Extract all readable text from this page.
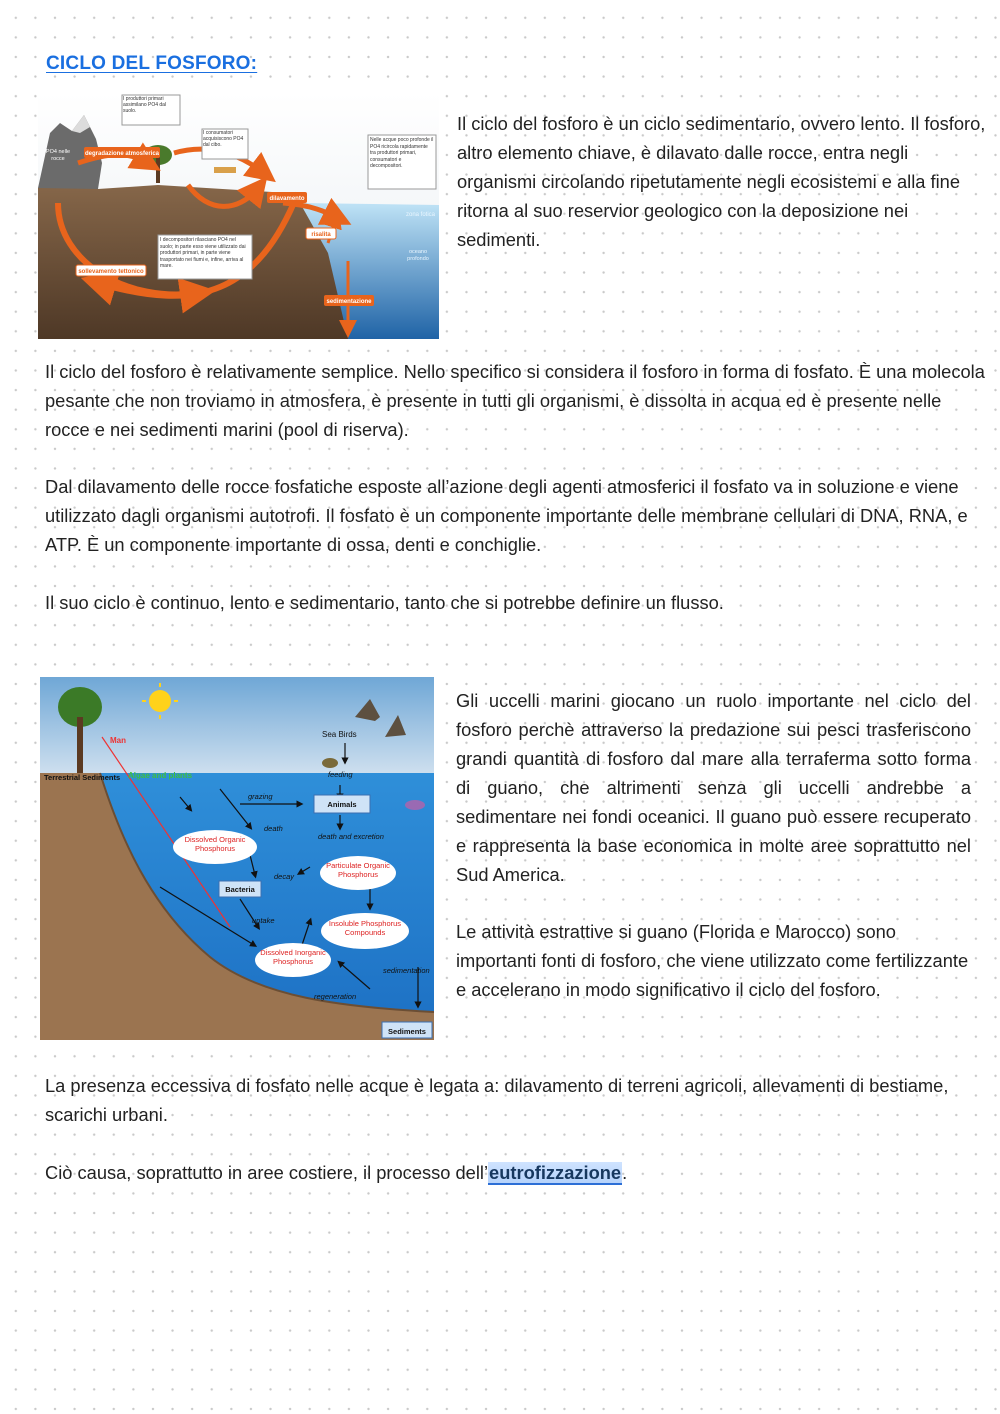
CICLO DEL FOSFORO:
I produttori primari assimilano PO4 dal suolo.
I consumatori acquisiscono PO4 dal cibo.
Nelle acque poco profonde il PO4 ricircola rapidamente tra produttori primari, consumatori e decompositori.
PO4 nelle rocce
degradazione atmosferica
dilavamento
zona fotica
risalita
I decompositori rilasciano PO4 nel suolo; in parte esso viene utilizzato dai produttori primari, in parte viene trasportato nei fiumi e, infine, arriva al mare.
oceano profondo
sollevamento tettonico
sedimentazione

Il ciclo del fosforo è un ciclo sedimentario, ovvero lento. Il fosforo, altro elemento chiave, è dilavato dalle rocce, entra negli organismi circolando ripetutamente negli ecosistemi e alla fine ritorna al suo reservior geologico con la deposizione nei sedimenti.

Il ciclo del fosforo è relativamente semplice. Nello specifico si considera il fosforo in forma di fosfato. È una molecola pesante che non troviamo in atmosfera, è presente in tutti gli organismi, è dissolta in acqua ed è presente nelle rocce e nei sedimenti marini (pool di riserva).

Dal dilavamento delle rocce fosfatiche esposte all’azione degli agenti atmosferici il fosfato va in soluzione e viene utilizzato dagli organismi autotrofi. Il fosfato è un componente importante delle membrane cellulari di DNA, RNA, e ATP. È un componente importante di ossa, denti e conchiglie.

Il suo ciclo è continuo, lento e sedimentario, tanto che si potrebbe definire un flusso.

Man
Sea Birds
Terrestrial Sediments Algae and plants	feeding
grazing
Animals
death
death and excretion
Dissolved Organic Phosphorus
Particulate Organic Phosphorus
Bacteria
decay
uptake	Insoluble Phosphorus Compounds
Dissolved Inorganic Phosphorus
sedimentation
regeneration
Sediments

Gli uccelli marini giocano un ruolo importante nel ciclo del fosforo perchè attraverso la predazione sui pesci trasferiscono grandi quantità di fosforo dal mare alla terraferma sotto forma di guano, che altrimenti senza gli uccelli andrebbe a sedimentare nei fondi oceanici. Il guano può essere recuperato e rappresenta la base economica in molte aree soprattutto nel Sud America.

Le attività estrattive si guano (Florida e Marocco) sono importanti fonti di fosforo, che viene utilizzato come fertilizzante e accelerano in modo significativo il ciclo del fosforo.

La presenza eccessiva di fosfato nelle acque è legata a: dilavamento di terreni agricoli, allevamenti di bestiame, scarichi urbani.

Ciò causa, soprattutto in aree costiere, il processo dell’eutrofizzazione.
